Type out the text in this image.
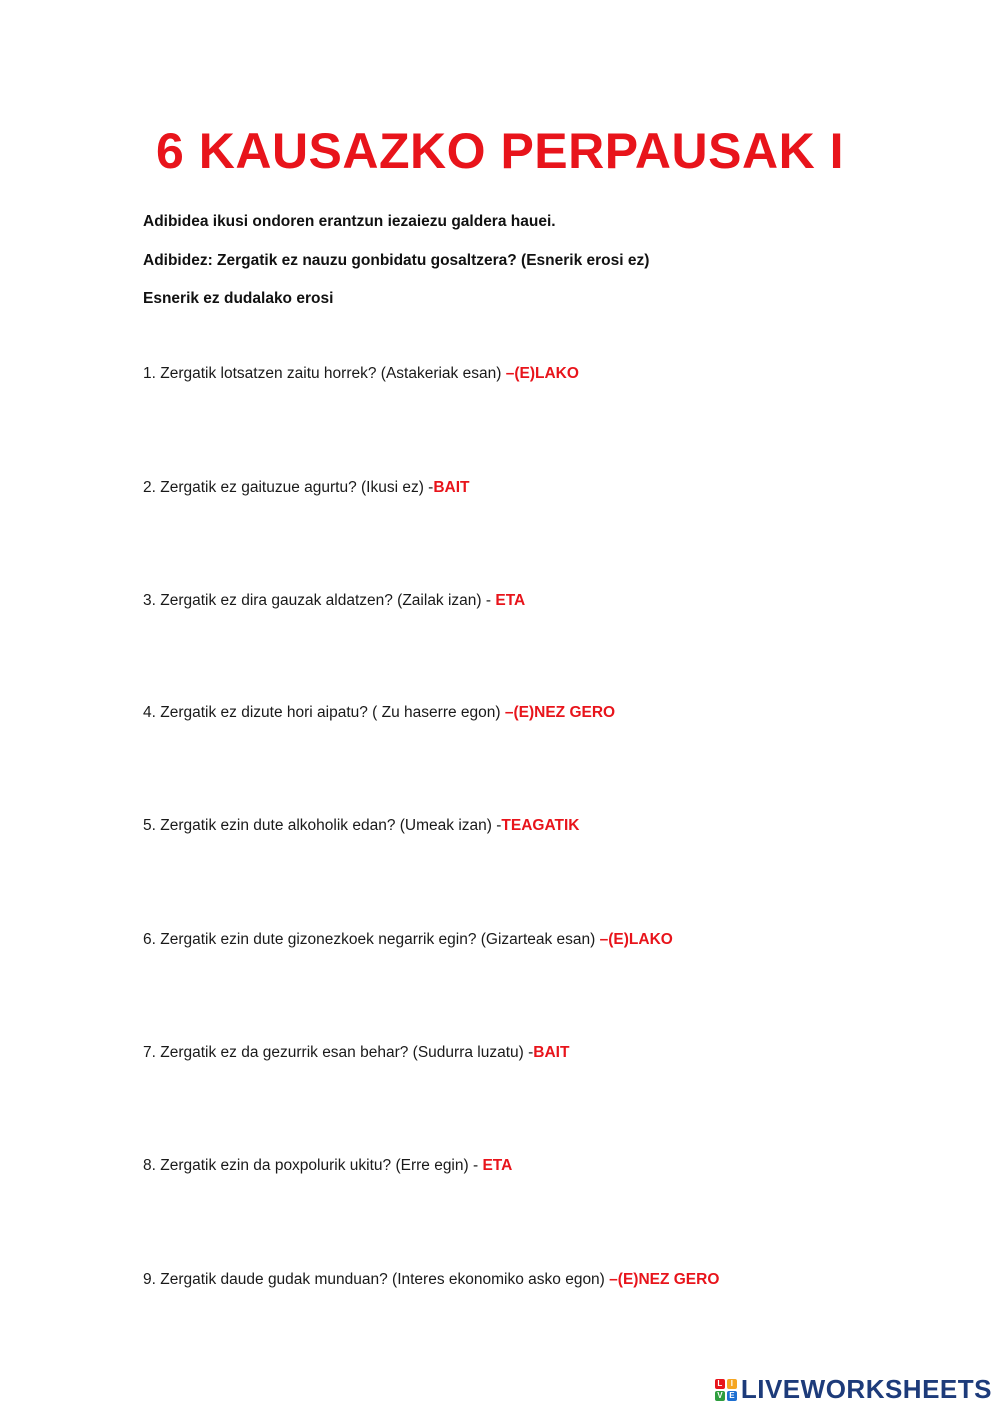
6 KAUSAZKO PERPAUSAK I

Adibidea ikusi ondoren erantzun iezaiezu galdera hauei.

Adibidez: Zergatik ez nauzu gonbidatu gosaltzera? (Esnerik erosi ez)

Esnerik ez dudalako erosi

1. Zergatik lotsatzen zaitu horrek? (Astakeriak esan) –(E)LAKO

2. Zergatik ez gaituzue agurtu? (Ikusi ez) -BAIT

3. Zergatik ez dira gauzak aldatzen? (Zailak izan) - ETA

4. Zergatik ez dizute hori aipatu? ( Zu haserre egon) –(E)NEZ GERO

5. Zergatik ezin dute alkoholik edan? (Umeak izan) -TEAGATIK

6. Zergatik ezin dute gizonezkoek negarrik egin? (Gizarteak esan) –(E)LAKO

7. Zergatik ez da gezurrik esan behar? (Sudurra luzatu) -BAIT

8. Zergatik ezin da poxpolurik ukitu? (Erre egin) - ETA

9. Zergatik daude gudak munduan? (Interes ekonomiko asko egon) –(E)NEZ GERO

L	I
V E LIVEWORKSHEETS
